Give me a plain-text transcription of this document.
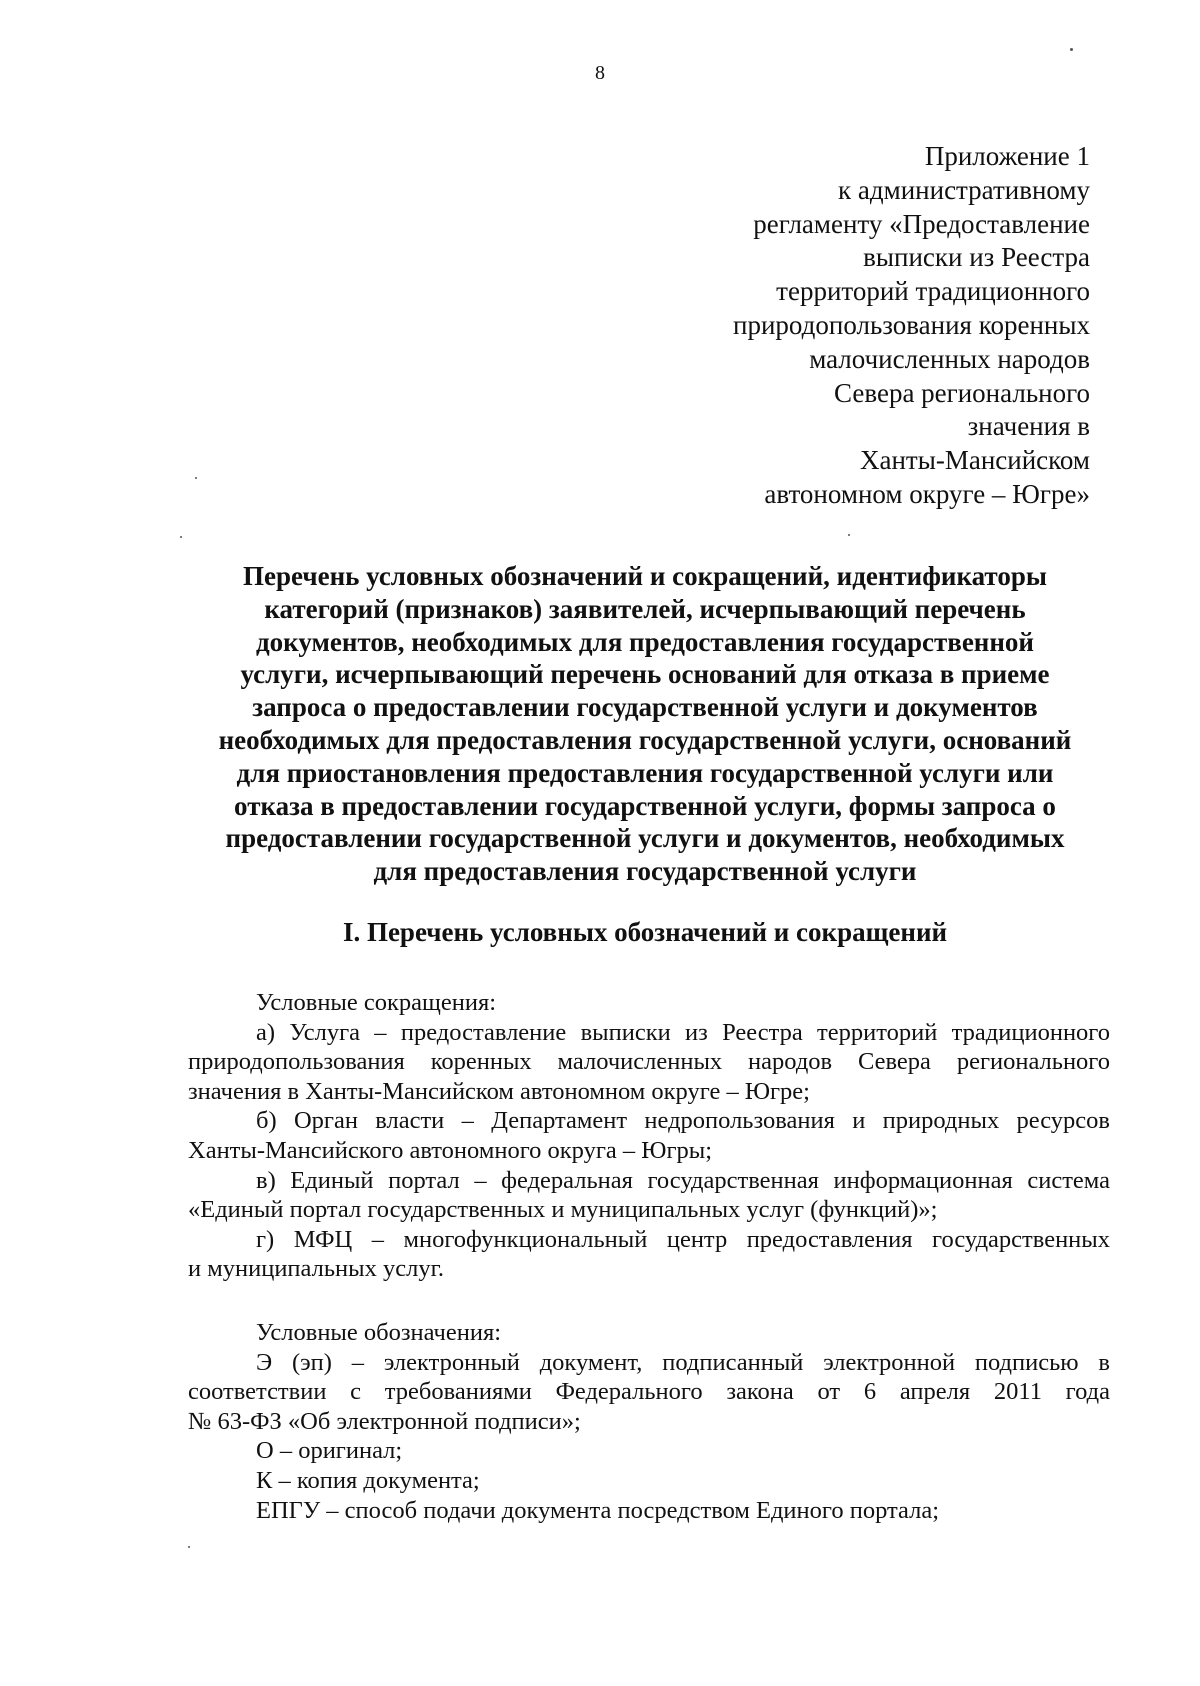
8
Приложение 1
к административному
регламенту «Предоставление
выписки из Реестра
территорий традиционного
природопользования коренных
малочисленных народов
Севера регионального
значения в
Ханты-Мансийском
автономном округе – Югре»
Перечень условных обозначений и сокращений, идентификаторы
категорий (признаков) заявителей, исчерпывающий перечень
документов, необходимых для предоставления государственной
услуги, исчерпывающий перечень оснований для отказа в приеме
запроса о предоставлении государственной услуги и документов
необходимых для предоставления государственной услуги, оснований
для приостановления предоставления государственной услуги или
отказа в предоставлении государственной услуги, формы запроса о
предоставлении государственной услуги и документов, необходимых
для предоставления государственной услуги
I. Перечень условных обозначений и сокращений
Условные сокращения:
а) Услуга – предоставление выписки из Реестра территорий традиционного
природопользования коренных малочисленных народов Севера регионального
значения в Ханты-Мансийском автономном округе – Югре;
б) Орган власти – Департамент недропользования и природных ресурсов
Ханты-Мансийского автономного округа – Югры;
в) Единый портал – федеральная государственная информационная система
«Единый портал государственных и муниципальных услуг (функций)»;
г) МФЦ – многофункциональный центр предоставления государственных
и муниципальных услуг.
Условные обозначения:
Э (эп) – электронный документ, подписанный электронной подписью в
соответствии с требованиями Федерального закона от 6 апреля 2011 года
№ 63-ФЗ «Об электронной подписи»;
О – оригинал;
К – копия документа;
ЕПГУ – способ подачи документа посредством Единого портала;
